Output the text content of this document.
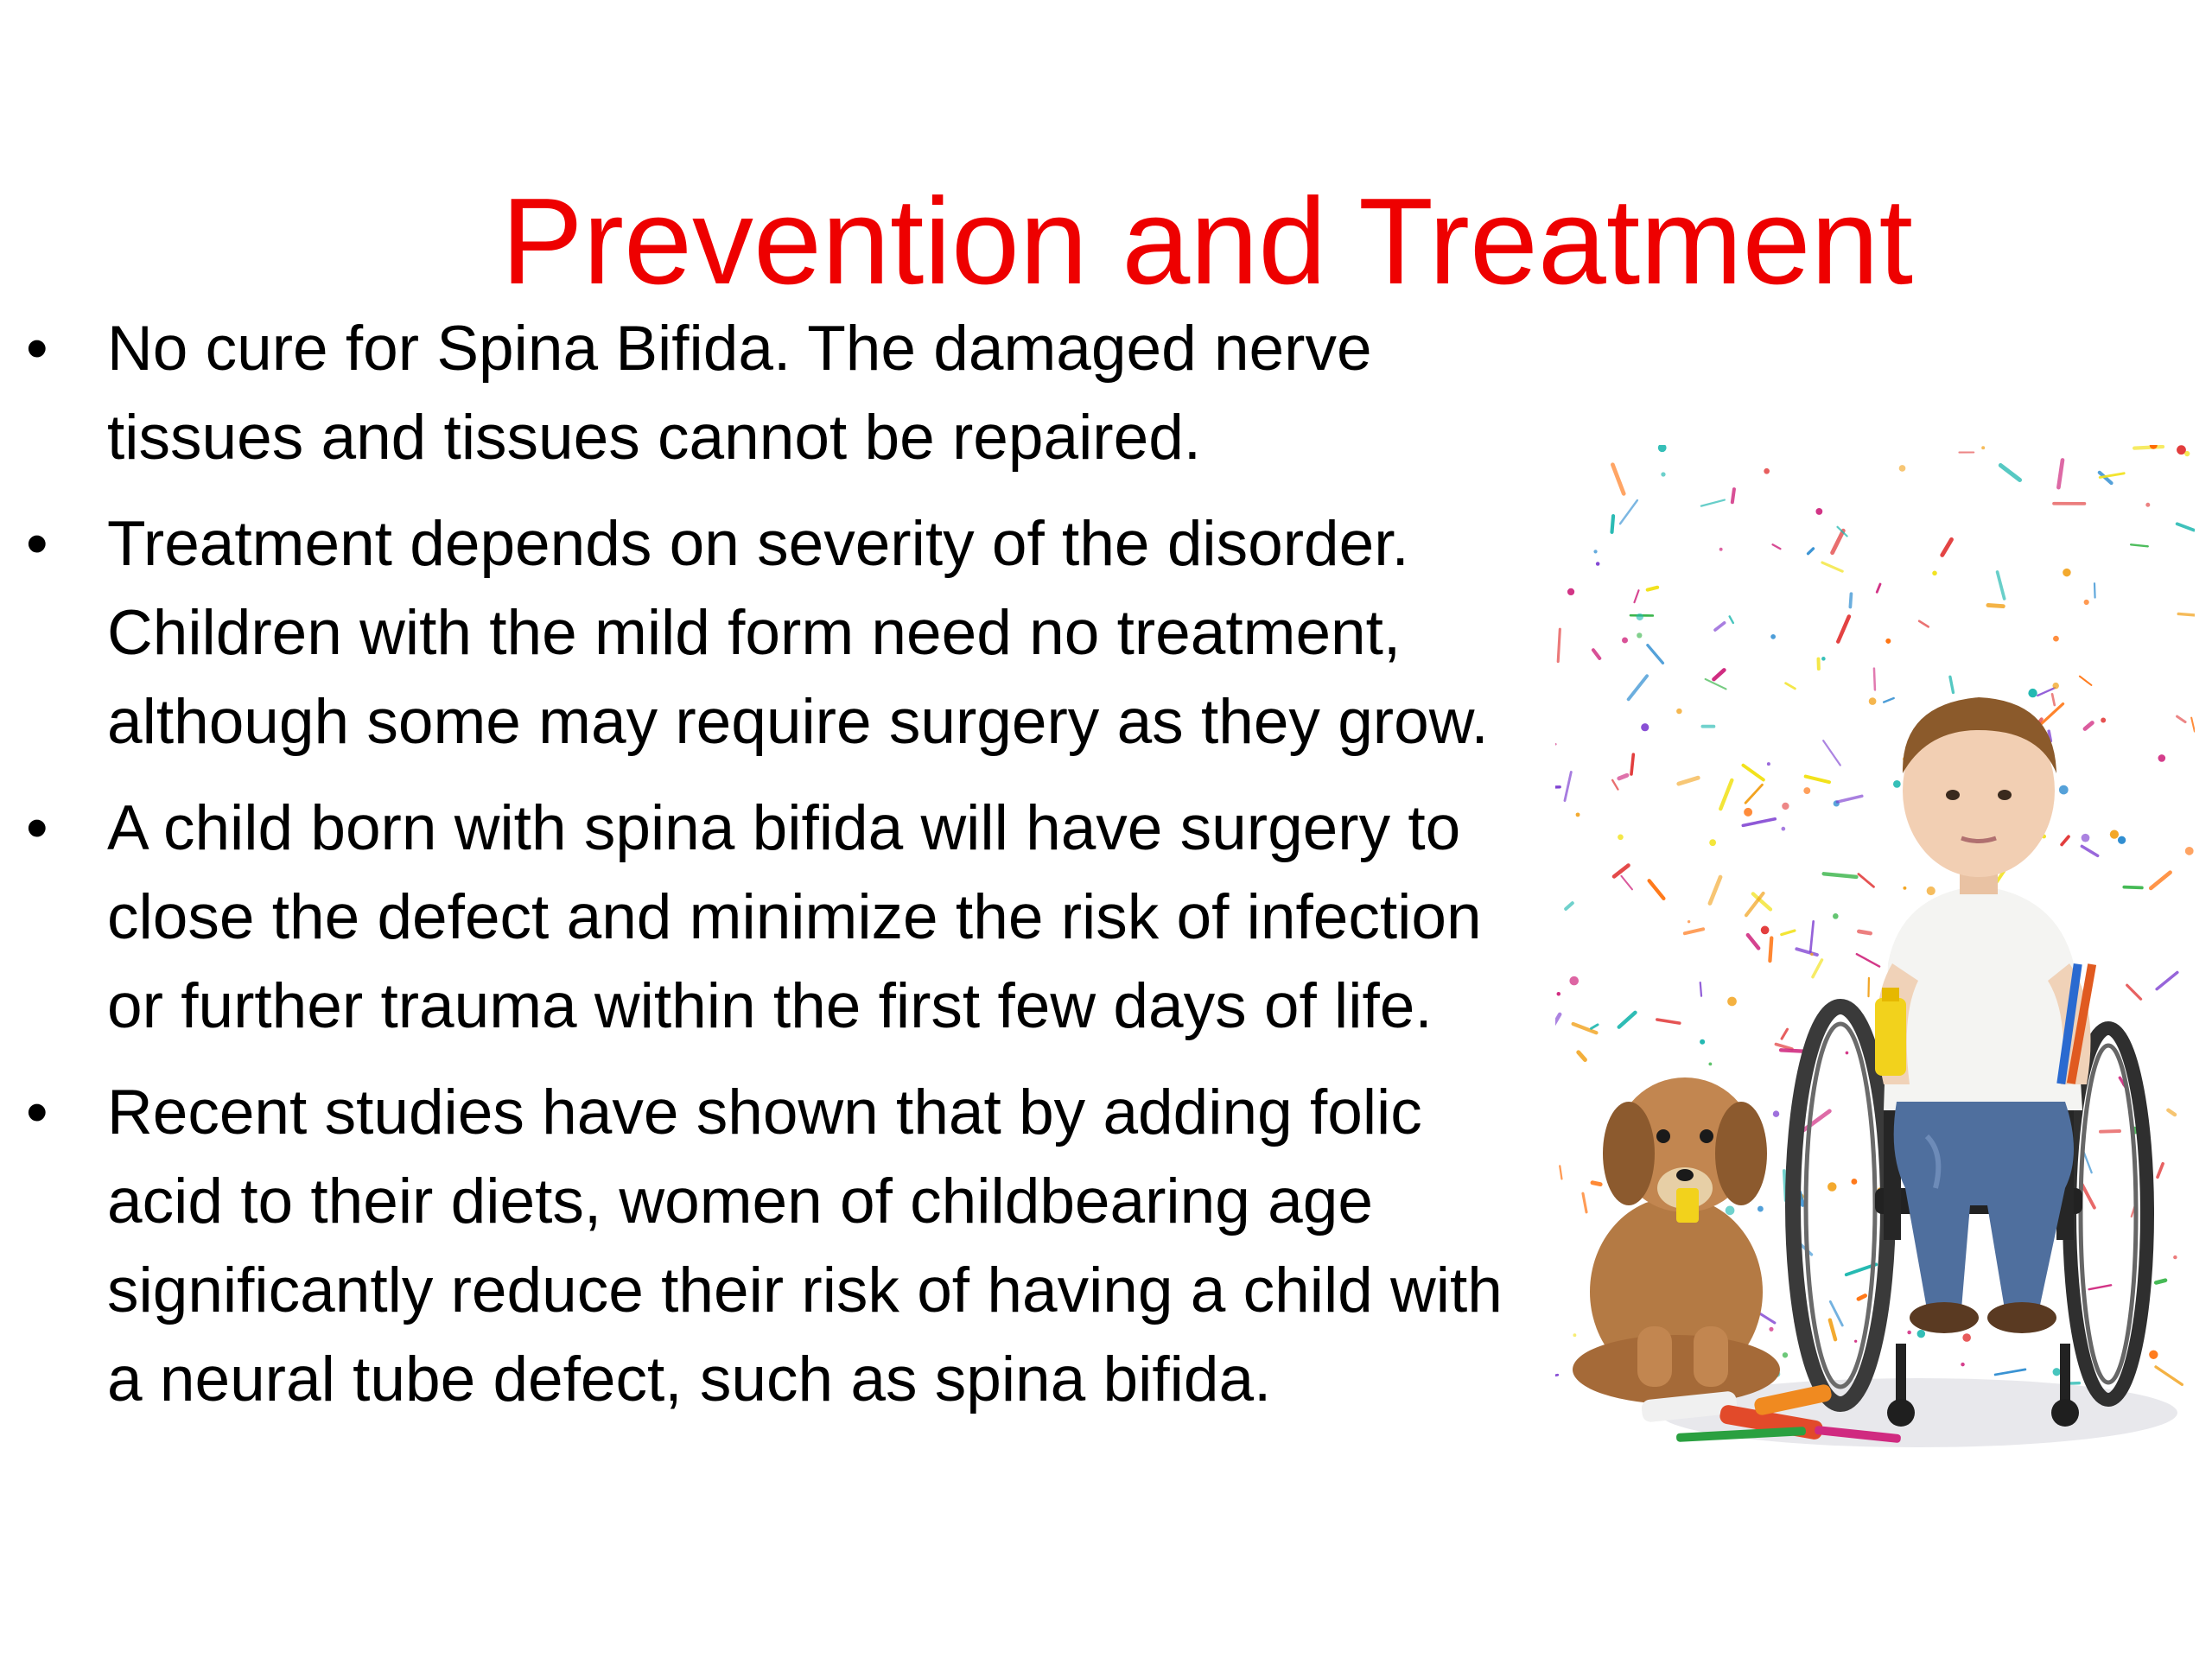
Prevention and Treatment
• No cure for Spina Bifida. The damaged nerve tissues and tissues cannot be repaired.
• Treatment depends on severity of the disorder. Children with the mild form need no treatment, although some may require surgery as they grow.
• A child born with spina bifida will have surgery to close the defect and minimize the risk of infection or further trauma within the first few days of life.
• Recent studies have shown that by adding folic acid to their diets, women of childbearing age significantly reduce their risk of having a child with a neural tube defect, such as spina bifida.
